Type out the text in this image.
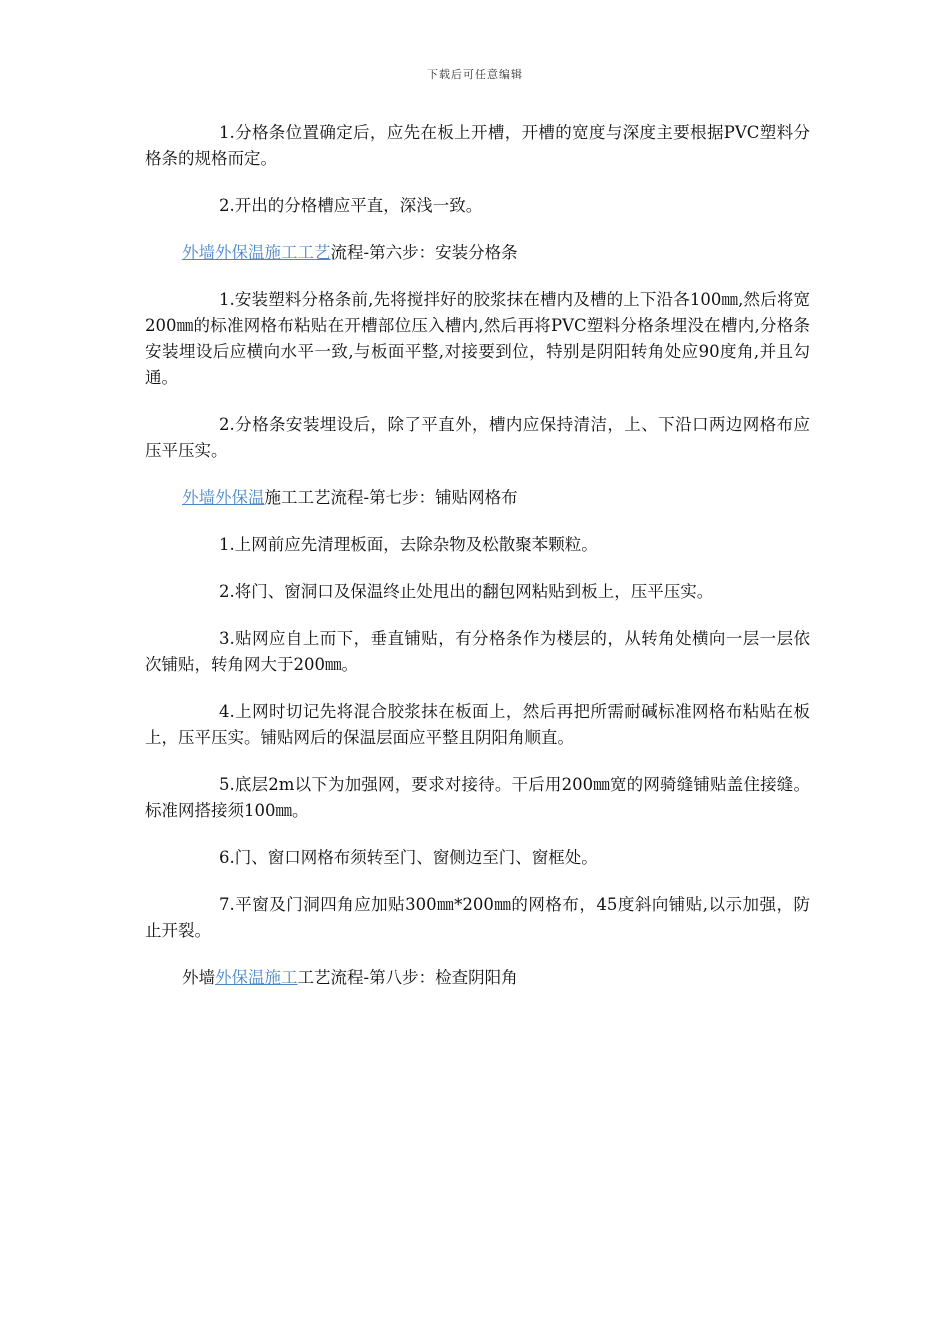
下载后可任意编辑

1.分格条位置确定后，应先在板上开槽，开槽的宽度与深度主要根据PVC塑料分格条的规格而定。

2.开出的分格槽应平直，深浅一致。

外墙外保温施工工艺流程-第六步：安装分格条

1.安装塑料分格条前,先将搅拌好的胶浆抹在槽内及槽的上下沿各100㎜,然后将宽200㎜的标准网格布粘贴在开槽部位压入槽内,然后再将PVC塑料分格条埋没在槽内,分格条安装埋设后应横向水平一致,与板面平整,对接要到位，特别是阴阳转角处应90度角,并且勾通。

2.分格条安装埋设后，除了平直外，槽内应保持清洁，上、下沿口两边网格布应压平压实。

外墙外保温施工工艺流程-第七步：铺贴网格布

1.上网前应先清理板面，去除杂物及松散聚苯颗粒。

2.将门、窗洞口及保温终止处甩出的翻包网粘贴到板上，压平压实。

3.贴网应自上而下，垂直铺贴，有分格条作为楼层的，从转角处横向一层一层依次铺贴，转角网大于200㎜。

4.上网时切记先将混合胶浆抹在板面上，然后再把所需耐碱标准网格布粘贴在板上，压平压实。铺贴网后的保温层面应平整且阴阳角顺直。

5.底层2m以下为加强网，要求对接待。干后用200㎜宽的网骑缝铺贴盖住接缝。标准网搭接须100㎜。

6.门、窗口网格布须转至门、窗侧边至门、窗框处。

7.平窗及门洞四角应加贴300㎜*200㎜的网格布，45度斜向铺贴,以示加强，防止开裂。

外墙外保温施工工艺流程-第八步：检查阴阳角
